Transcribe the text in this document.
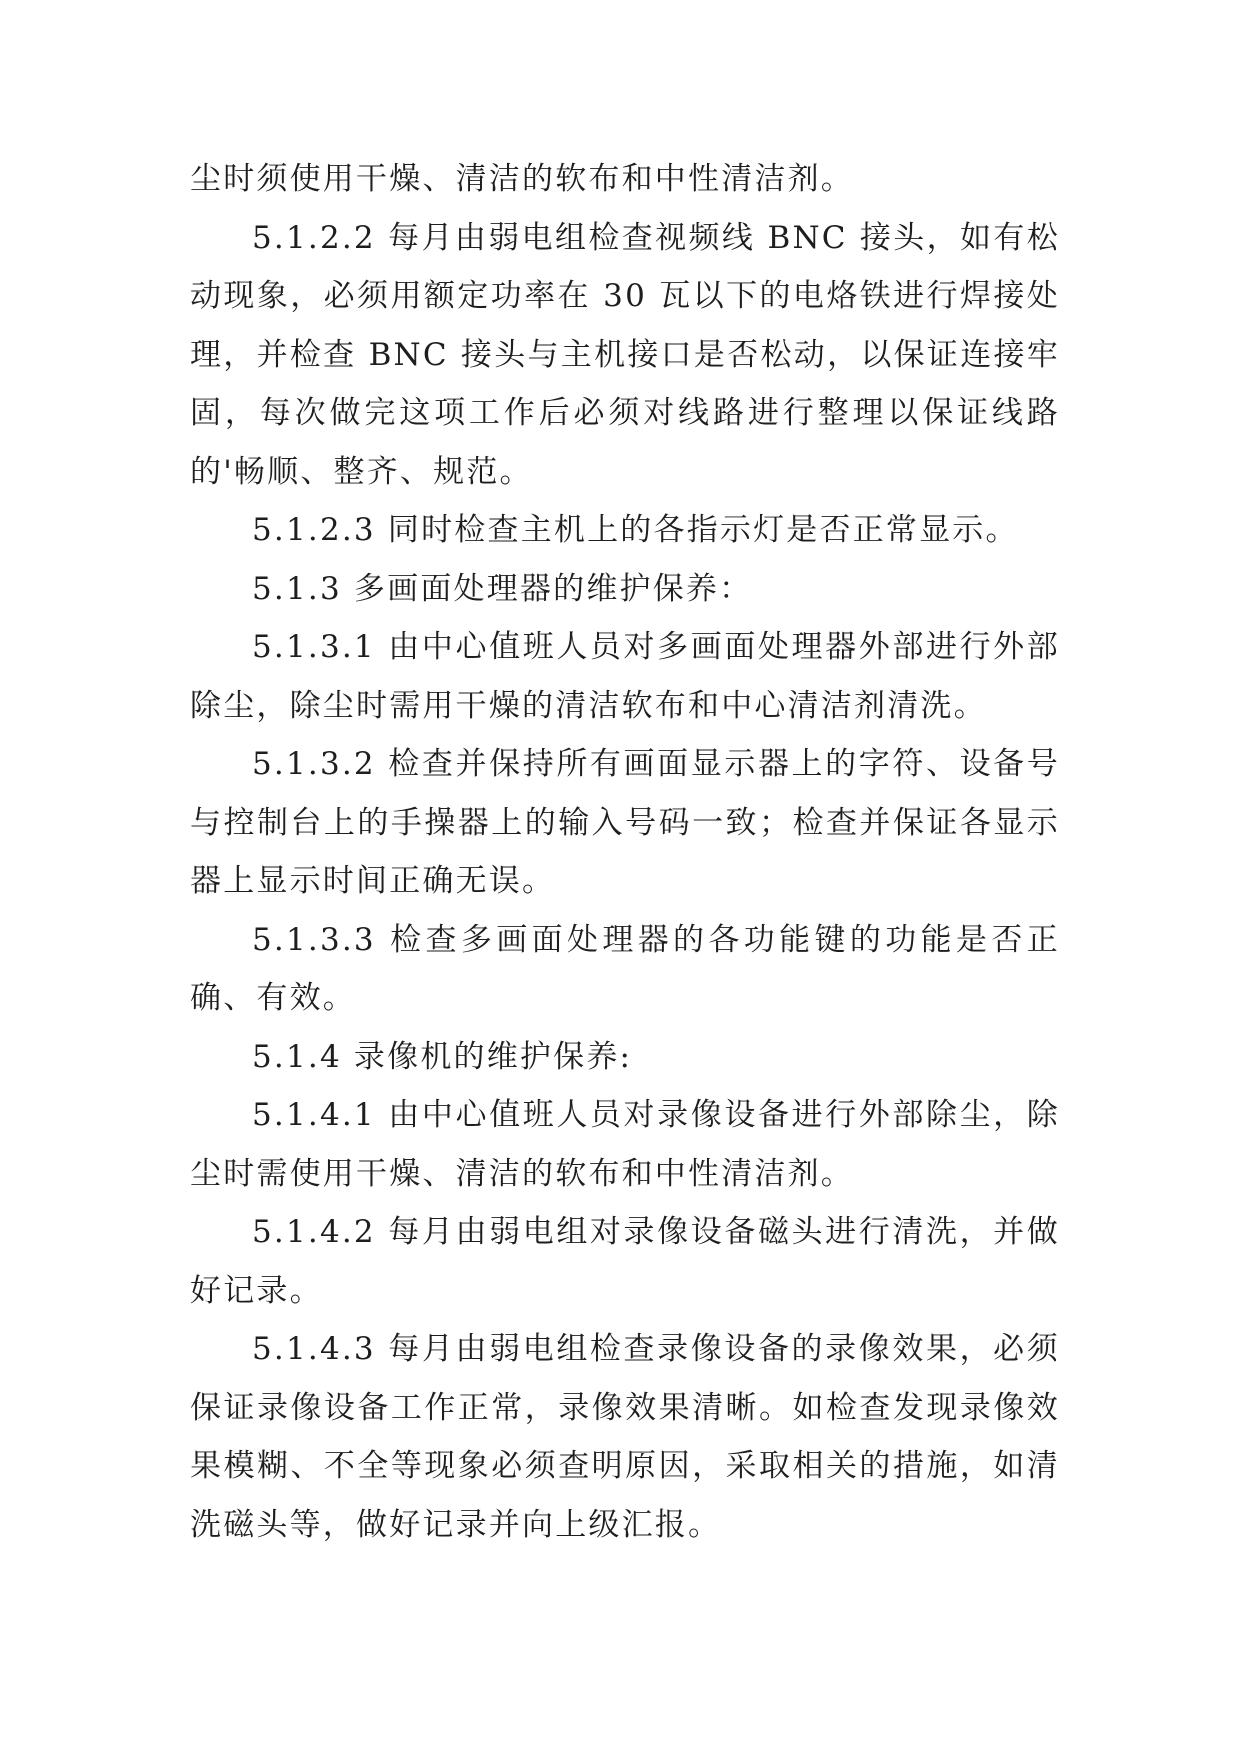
尘时须使用干燥、清洁的软布和中性清洁剂。

5.1.2.2 每月由弱电组检查视频线 BNC 接头，如有松动现象，必须用额定功率在 30 瓦以下的电烙铁进行焊接处理，并检查 BNC 接头与主机接口是否松动，以保证连接牢固，每次做完这项工作后必须对线路进行整理以保证线路的'畅顺、整齐、规范。

5.1.2.3 同时检查主机上的各指示灯是否正常显示。

5.1.3 多画面处理器的维护保养：

5.1.3.1 由中心值班人员对多画面处理器外部进行外部除尘，除尘时需用干燥的清洁软布和中心清洁剂清洗。

5.1.3.2 检查并保持所有画面显示器上的字符、设备号与控制台上的手操器上的输入号码一致；检查并保证各显示器上显示时间正确无误。

5.1.3.3 检查多画面处理器的各功能键的功能是否正确、有效。

5.1.4 录像机的维护保养:

5.1.4.1 由中心值班人员对录像设备进行外部除尘，除尘时需使用干燥、清洁的软布和中性清洁剂。

5.1.4.2 每月由弱电组对录像设备磁头进行清洗，并做好记录。

5.1.4.3 每月由弱电组检查录像设备的录像效果，必须保证录像设备工作正常，录像效果清晰。如检查发现录像效果模糊、不全等现象必须查明原因，采取相关的措施，如清洗磁头等，做好记录并向上级汇报。
